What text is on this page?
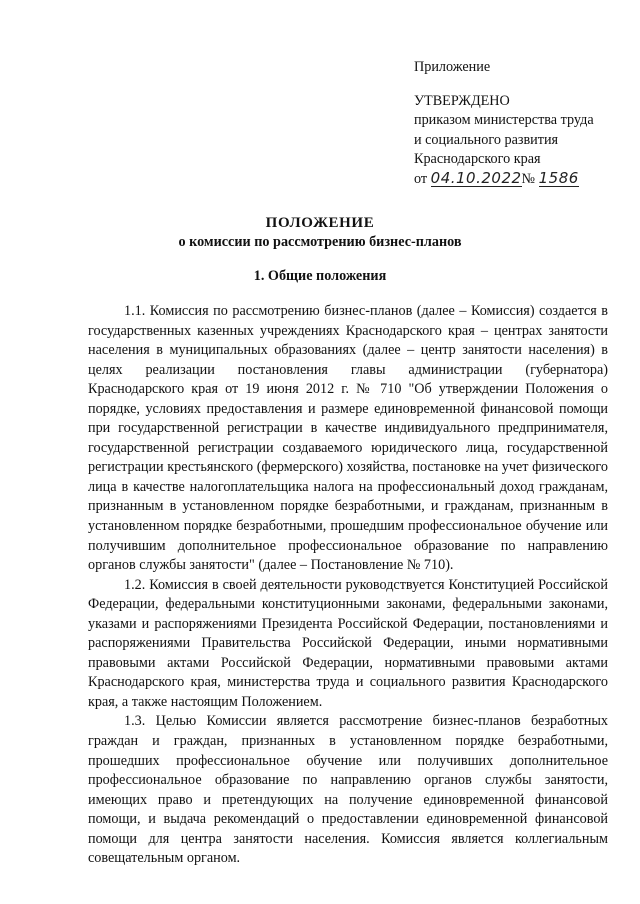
Приложение
УТВЕРЖДЕНО
приказом министерства труда
и социального развития
Краснодарского края
от 04.10.2022№ 1586
ПОЛОЖЕНИЕ
о комиссии по рассмотрению бизнес-планов
1. Общие положения

1.1. Комиссия по рассмотрению бизнес-планов (далее – Комиссия) создается в государственных казенных учреждениях Краснодарского края – центрах занятости населения в муниципальных образованиях (далее – центр занятости населения) в целях реализации постановления главы администрации (губернатора) Краснодарского края от 19 июня 2012 г. № 710 "Об утверждении Положения о порядке, условиях предоставления и размере единовременной финансовой помощи при государственной регистрации в качестве индивидуального предпринимателя, государственной регистрации создаваемого юридического лица, государственной регистрации крестьянского (фермерского) хозяйства, постановке на учет физического лица в качестве налогоплательщика налога на профессиональный доход гражданам, признанным в установленном порядке безработными, и гражданам, признанным в установленном порядке безработными, прошедшим профессиональное обучение или получившим дополнительное профессиональное образование по направлению органов службы занятости" (далее – Постановление № 710).

1.2. Комиссия в своей деятельности руководствуется Конституцией Российской Федерации, федеральными конституционными законами, федеральными законами, указами и распоряжениями Президента Российской Федерации, постановлениями и распоряжениями Правительства Российской Федерации, иными нормативными правовыми актами Российской Федерации, нормативными правовыми актами Краснодарского края, министерства труда и социального развития Краснодарского края, а также настоящим Положением.

1.3. Целью Комиссии является рассмотрение бизнес-планов безработных граждан и граждан, признанных в установленном порядке безработными, прошедших профессиональное обучение или получивших дополнительное профессиональное образование по направлению органов службы занятости, имеющих право и претендующих на получение единовременной финансовой помощи, и выдача рекомендаций о предоставлении единовременной финансовой помощи для центра занятости населения. Комиссия является коллегиальным совещательным органом.
